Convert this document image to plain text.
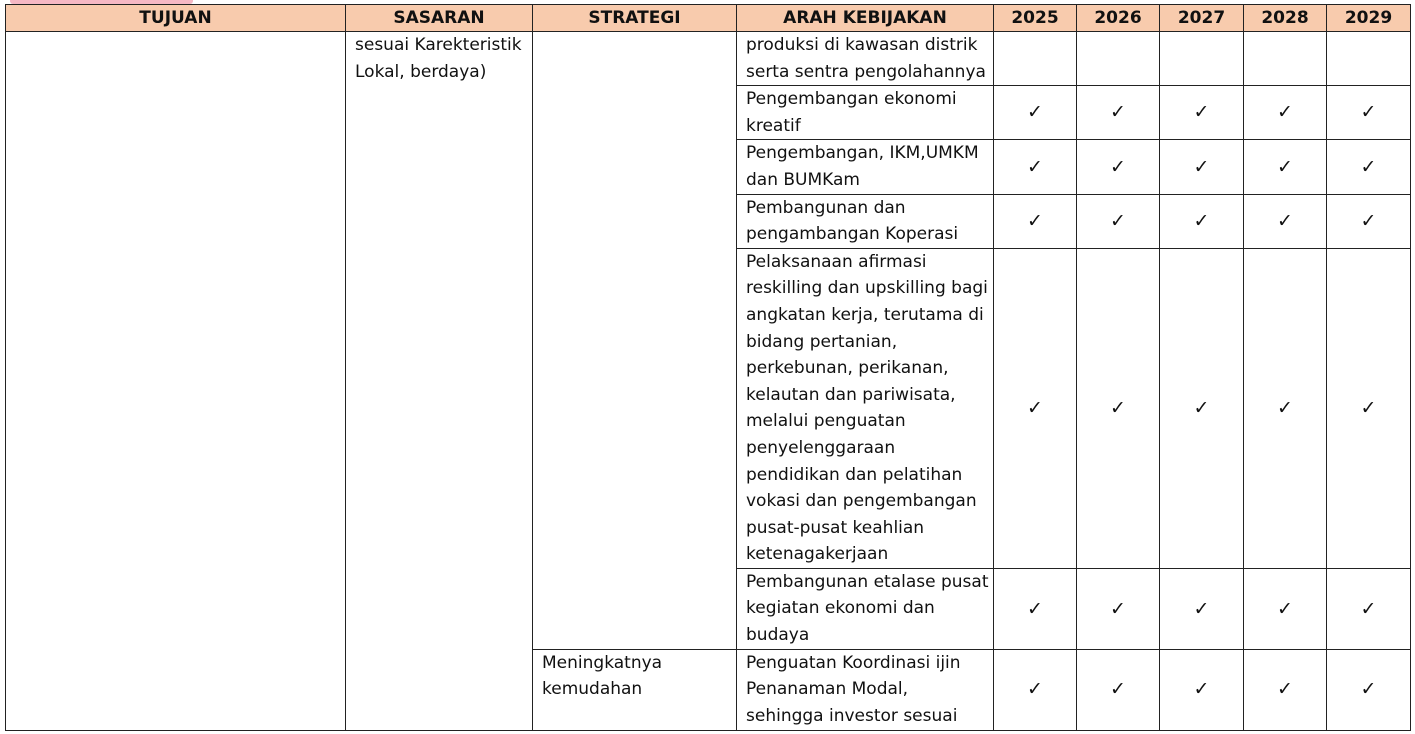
TUJUAN	SASARAN	STRATEGI	ARAH KEBIJAKAN	2025	2026	2027	2028	2029
	sesuai Karekteristik Lokal, berdaya)		produksi di kawasan distrik serta sentra pengolahannya					
			Pengembangan ekonomi kreatif	✓	✓	✓	✓	✓
			Pengembangan, IKM,UMKM dan BUMKam	✓	✓	✓	✓	✓
			Pembangunan dan pengambangan Koperasi	✓	✓	✓	✓	✓
			Pelaksanaan afirmasi reskilling dan upskilling bagi angkatan kerja, terutama di bidang pertanian, perkebunan, perikanan, kelautan dan pariwisata, melalui penguatan penyelenggaraan pendidikan dan pelatihan vokasi dan pengembangan pusat-pusat keahlian ketenagakerjaan	✓	✓	✓	✓	✓
			Pembangunan etalase pusat kegiatan ekonomi dan budaya	✓	✓	✓	✓	✓
		Meningkatnya kemudahan	Penguatan Koordinasi ijin Penanaman Modal, sehingga investor sesuai	✓	✓	✓	✓	✓
